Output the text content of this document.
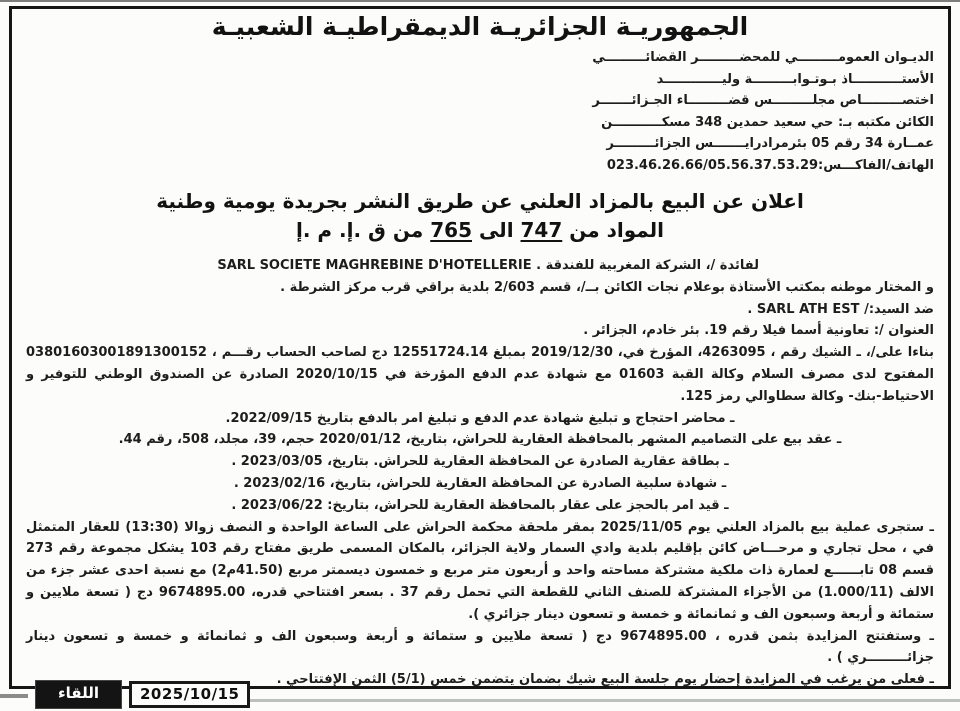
الجمهوريـة الجزائريـة الديمقراطيـة الشعبيـة

الديـوان العمومـــــــــي للمحضـــــــــر القضائـــــــــي

الأستـــــــــــاذ بـوتـوابـــــــــة وليـــــــــــــد

اختصـــــــــاص مجلـــــــــس قضـــــــــاء الجـزائـــــــر

الكائن مكتبه بـ: حي سعيد حمدين 348 مسكـــــــــــن

عمــارة 34 رقم 05 بئرمرادرايـــــــس الجزائـــــــــر

الهاتف/الفاكـــس:023.46.26.66/05.56.37.53.29

اعلان عن البيع بالمزاد العلني عن طريق النشر بجريدة يومية وطنية

المواد من 747 الى 765 من ق .إ. م .إ

لفائدة /، الشركة المغربية للفندقة . SARL SOCIETE MAGHREBINE D'HOTELLERIE

و المختار موطنه بمكتب الأستاذة بوعلام نجات الكائن بــ/، قسم 2/603 بلدية براقي قرب مركز الشرطة .

ضد السيد:/ SARL ATH EST .

العنوان /: تعاونية أسما فيلا رقم 19. بئر خادم، الجزائر .

بناءا على/، ـ الشيك رقم ، 4263095، المؤرخ في، 2019/12/30 بمبلغ 12551724.14 دج لصاحب الحساب رقـــم ، 03801603001891300152 المفتوح لدى مصرف السلام وكالة القبة 01603 مع شهادة عدم الدفع المؤرخة في 2020/10/15 الصادرة عن الصندوق الوطني للتوفير و الاحتياط-بنك- وكالة سطاوالي رمز 125.

ـ محاضر احتجاج و تبليغ شهادة عدم الدفع و تبليغ امر بالدفع بتاريخ 2022/09/15.

ـ عقد بيع على التصاميم المشهر بالمحافظة العقارية للحراش، بتاريخ، 2020/01/12 حجم، 39، مجلد، 508، رقم 44.

ـ بطاقة عقارية الصادرة عن المحافظة العقارية للحراش. بتاريخ، 2023/03/05 .

ـ شهادة سلبية الصادرة عن المحافظة العقارية للحراش، بتاريخ، 2023/02/16 .

ـ قيد امر بالحجز على عقار بالمحافظة العقارية للحراش، بتاريخ: 2023/06/22 .

ـ ستجرى عملية بيع بالمزاد العلني يوم 2025/11/05 بمقر ملحقة محكمة الحراش على الساعة الواحدة و النصف زوالا (13:30) للعقار المتمثل في ، محل تجاري و مرحـــاض كائن بإقليم بلدية وادي السمار ولاية الجزائر، بالمكان المسمى طريق مفتاح رقم 103 يشكل مجموعة رقم 273 قسم 08 تابــــــع لعمارة ذات ملكية مشتركة مساحته واحد و أربعون متر مربع و خمسون ديسمتر مربع (41.50م2) مع نسبة احدى عشر جزء من الالف (1.000/11) من الأجزاء المشتركة للصنف الثاني للقطعة التي تحمل رقم 37 . بسعر افتتاحي قدره، 9674895.00 دج ( تسعة ملايين و ستمائة و أربعة وسبعون الف و ثمانمائة و خمسة و تسعون دينار جزائري ).

ـ وستفتتح المزايدة بثمن قدره ، 9674895.00 دج ( تسعة ملايين و ستمائة و أربعة وسبعون الف و ثمانمائة و خمسة و تسعون دينار جزائـــــــــري ) .

ـ فعلى من يرغب في المزايدة إحضار يوم جلسة البيع شيك بضمان يتضمن خمس (5/1) الثمن الإفتتاحي .

اللقاء	2025/10/15
